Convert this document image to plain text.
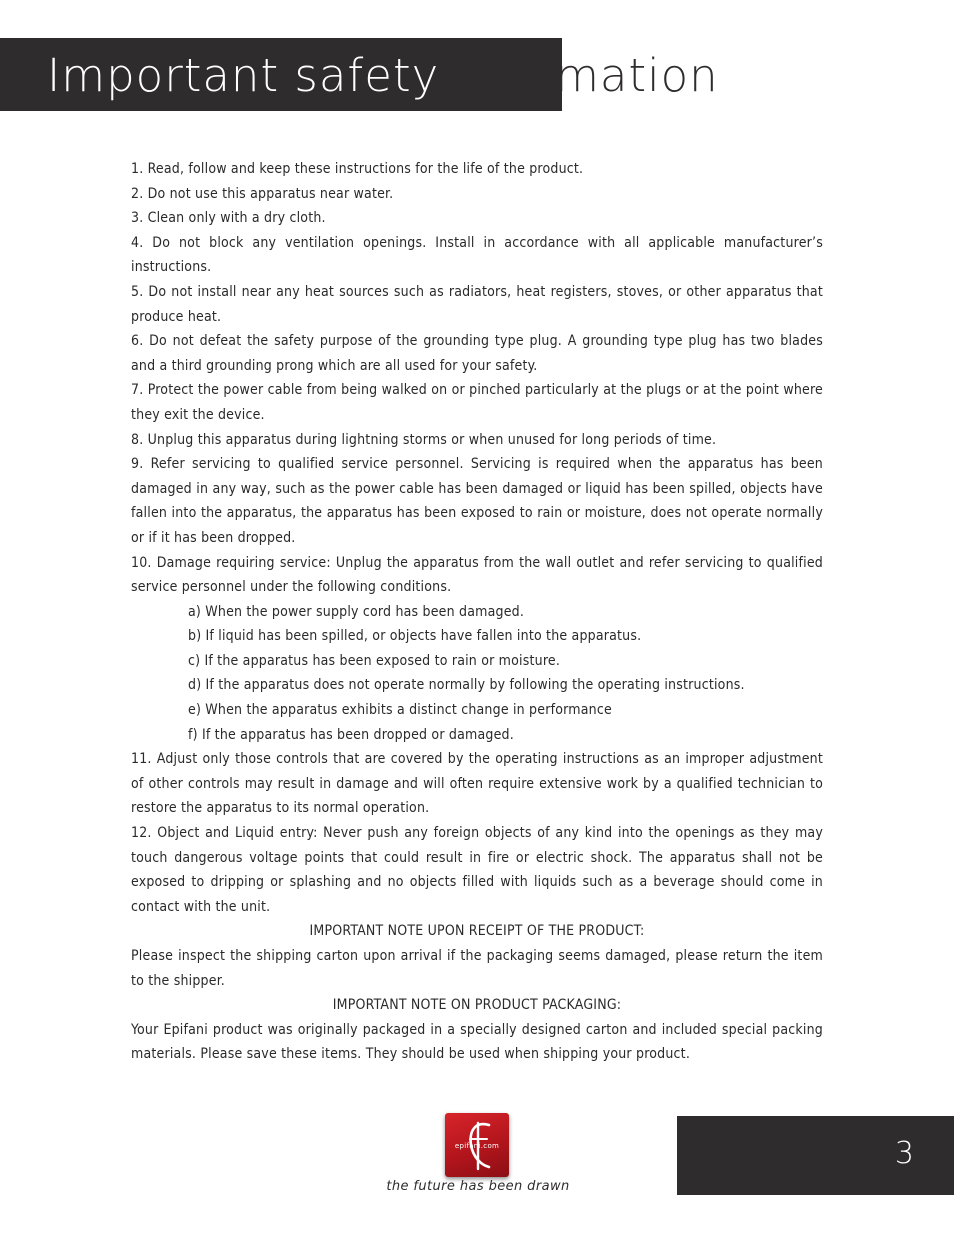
Important safety Information

1. Read, follow and keep these instructions for the life of the product.

2. Do not use this apparatus near water.

3. Clean only with a dry cloth.

4. Do not block any ventilation openings. Install in accordance with all applicable manufacturer’s instructions.

5. Do not install near any heat sources such as radiators, heat registers, stoves, or other apparatus that produce heat.

6. Do not defeat the safety purpose of the grounding type plug. A grounding type plug has two blades and a third grounding prong which are all used for your safety.

7. Protect the power cable from being walked on or pinched particularly at the plugs or at the point where they exit the device.

8. Unplug this apparatus during lightning storms or when unused for long periods of time.

9. Refer servicing to qualified service personnel. Servicing is required when the apparatus has been damaged in any way, such as the power cable has been damaged or liquid has been spilled, objects have fallen into the apparatus, the apparatus has been exposed to rain or moisture, does not operate normally or if it has been dropped.

10. Damage requiring service: Unplug the apparatus from the wall outlet and refer servicing to qualified service personnel under the following conditions.

a) When the power supply cord has been damaged.

b) If liquid has been spilled, or objects have fallen into the apparatus.

c) If the apparatus has been exposed to rain or moisture.

d) If the apparatus does not operate normally by following the operating instructions.

e) When the apparatus exhibits a distinct change in performance

f) If the apparatus has been dropped or damaged.

11. Adjust only those controls that are covered by the operating instructions as an improper adjustment of other controls may result in damage and will often require extensive work by a qualified technician to restore the apparatus to its normal operation.

12. Object and Liquid entry: Never push any foreign objects of any kind into the openings as they may touch dangerous voltage points that could result in fire or electric shock. The apparatus shall not be exposed to dripping or splashing and no objects filled with liquids such as a beverage should come in contact with the unit.

IMPORTANT NOTE UPON RECEIPT OF THE PRODUCT:

Please inspect the shipping carton upon arrival if the packaging seems damaged, please return the item to the shipper.

IMPORTANT NOTE ON PRODUCT PACKAGING:

Your Epifani product was originally packaged in a specially designed carton and included special packing materials. Please save these items. They should be used when shipping your product.

epifani.com
the future has been drawn
3
